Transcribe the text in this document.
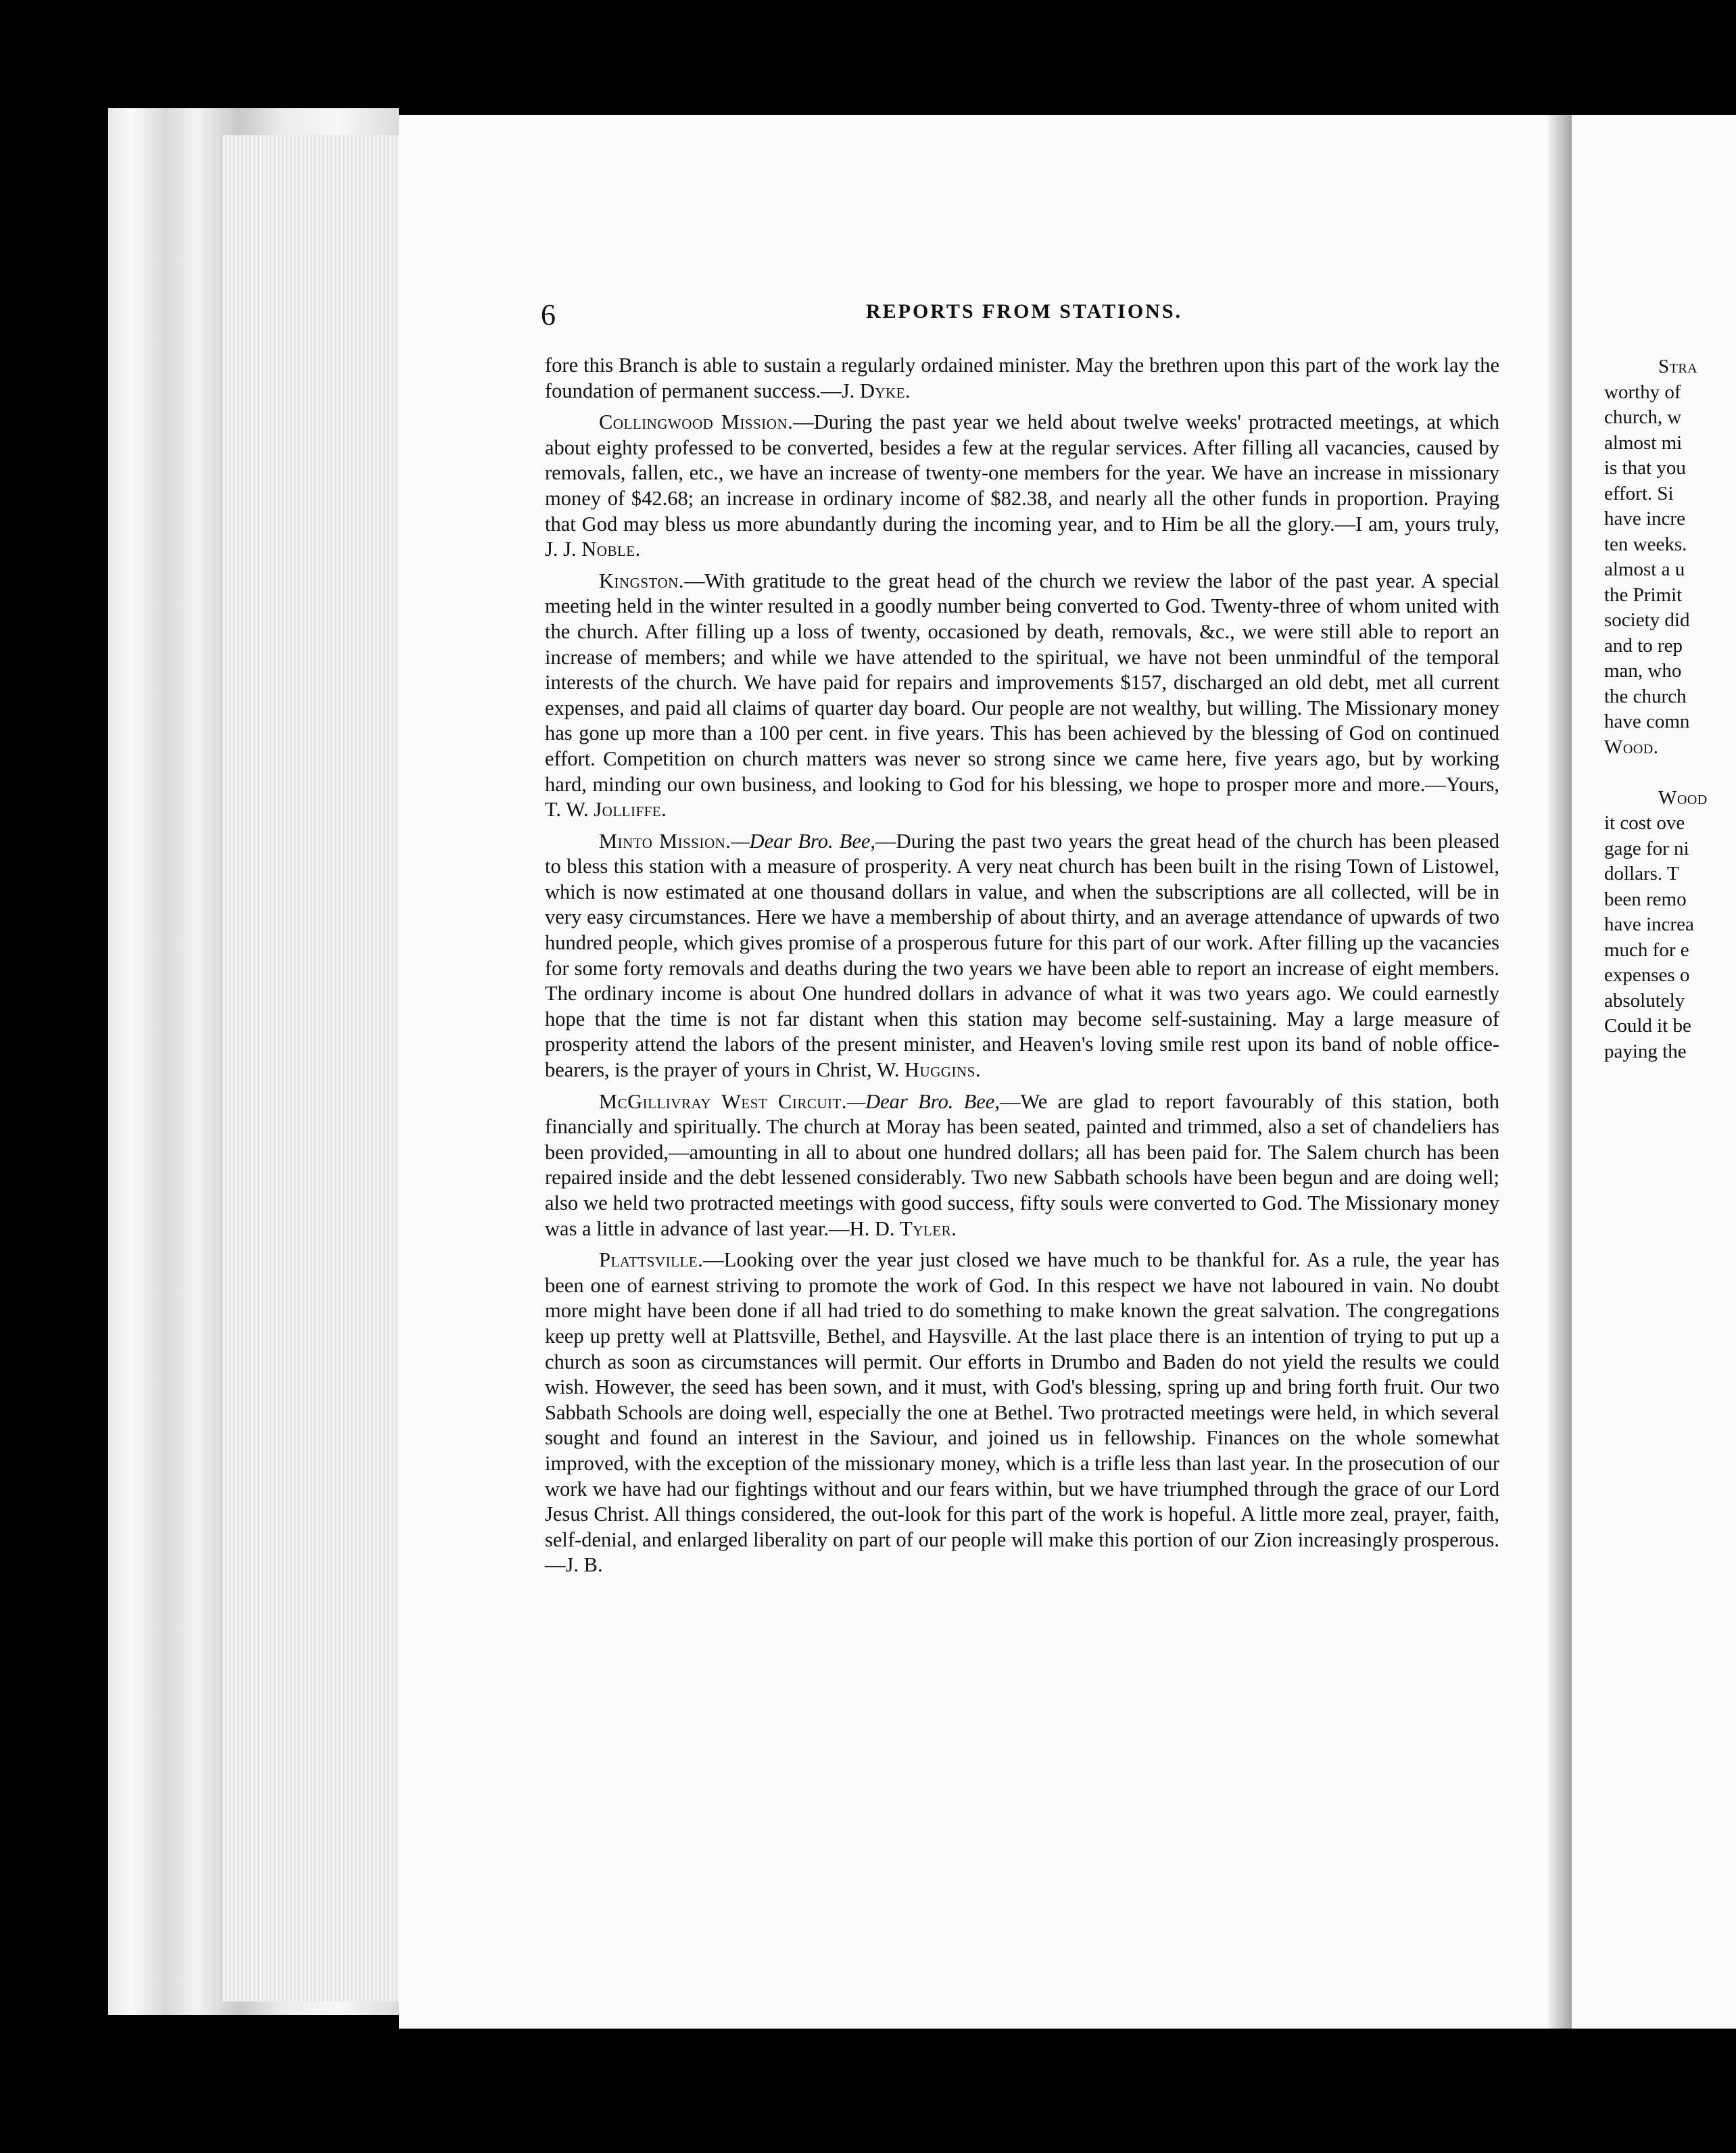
6	REPORTS FROM STATIONS.

fore this Branch is able to sustain a regularly ordained minister. May the brethren upon this part of the work lay the foundation of permanent success.—J. Dyke.

Collingwood Mission.—During the past year we held about twelve weeks' protracted meetings, at which about eighty professed to be converted, besides a few at the regular services. After filling all vacancies, caused by removals, fallen, etc., we have an increase of twenty-one members for the year. We have an increase in missionary money of $42.68; an increase in ordinary income of $82.38, and nearly all the other funds in proportion. Praying that God may bless us more abundantly during the incoming year, and to Him be all the glory.—I am, yours truly, J. J. Noble.

Kingston.—With gratitude to the great head of the church we review the labor of the past year. A special meeting held in the winter resulted in a goodly number being converted to God. Twenty-three of whom united with the church. After filling up a loss of twenty, occasioned by death, removals, &c., we were still able to report an increase of members; and while we have attended to the spiritual, we have not been unmindful of the temporal interests of the church. We have paid for repairs and improvements $157, discharged an old debt, met all current expenses, and paid all claims of quarter day board. Our people are not wealthy, but willing. The Missionary money has gone up more than a 100 per cent. in five years. This has been achieved by the blessing of God on continued effort. Competition on church matters was never so strong since we came here, five years ago, but by working hard, minding our own business, and looking to God for his blessing, we hope to prosper more and more.—Yours, T. W. Jolliffe.

Minto Mission.—Dear Bro. Bee,—During the past two years the great head of the church has been pleased to bless this station with a measure of prosperity. A very neat church has been built in the rising Town of Listowel, which is now estimated at one thousand dollars in value, and when the subscriptions are all collected, will be in very easy circumstances. Here we have a membership of about thirty, and an average attendance of upwards of two hundred people, which gives promise of a prosperous future for this part of our work. After filling up the vacancies for some forty removals and deaths during the two years we have been able to report an increase of eight members. The ordinary income is about One hundred dollars in advance of what it was two years ago. We could earnestly hope that the time is not far distant when this station may become self-sustaining. May a large measure of prosperity attend the labors of the present minister, and Heaven's loving smile rest upon its band of noble office-bearers, is the prayer of yours in Christ, W. Huggins.

McGillivray West Circuit.—Dear Bro. Bee,—We are glad to report favourably of this station, both financially and spiritually. The church at Moray has been seated, painted and trimmed, also a set of chandeliers has been provided,—amounting in all to about one hundred dollars; all has been paid for. The Salem church has been repaired inside and the debt lessened considerably. Two new Sabbath schools have been begun and are doing well; also we held two protracted meetings with good success, fifty souls were converted to God. The Missionary money was a little in advance of last year.—H. D. Tyler.

Plattsville.—Looking over the year just closed we have much to be thankful for. As a rule, the year has been one of earnest striving to promote the work of God. In this respect we have not laboured in vain. No doubt more might have been done if all had tried to do something to make known the great salvation. The congregations keep up pretty well at Plattsville, Bethel, and Haysville. At the last place there is an intention of trying to put up a church as soon as circumstances will permit. Our efforts in Drumbo and Baden do not yield the results we could wish. However, the seed has been sown, and it must, with God's blessing, spring up and bring forth fruit. Our two Sabbath Schools are doing well, especially the one at Bethel. Two protracted meetings were held, in which several sought and found an interest in the Saviour, and joined us in fellowship. Finances on the whole somewhat improved, with the exception of the missionary money, which is a trifle less than last year. In the prosecution of our work we have had our fightings without and our fears within, but we have triumphed through the grace of our Lord Jesus Christ. All things considered, the out-look for this part of the work is hopeful. A little more zeal, prayer, faith, self-denial, and enlarged liberality on part of our people will make this portion of our Zion increasingly prosperous.—J. B.

Stra
worthy of
church, w
almost mi
is that you
effort. Si
have incre
ten weeks.
almost a u
the Primit
society did
and to rep
man, who
the church
have comn
Wood.

Wood
it cost ove
gage for ni
dollars. T
been remo
have increa
much for e
expenses o
absolutely
Could it be
paying the
